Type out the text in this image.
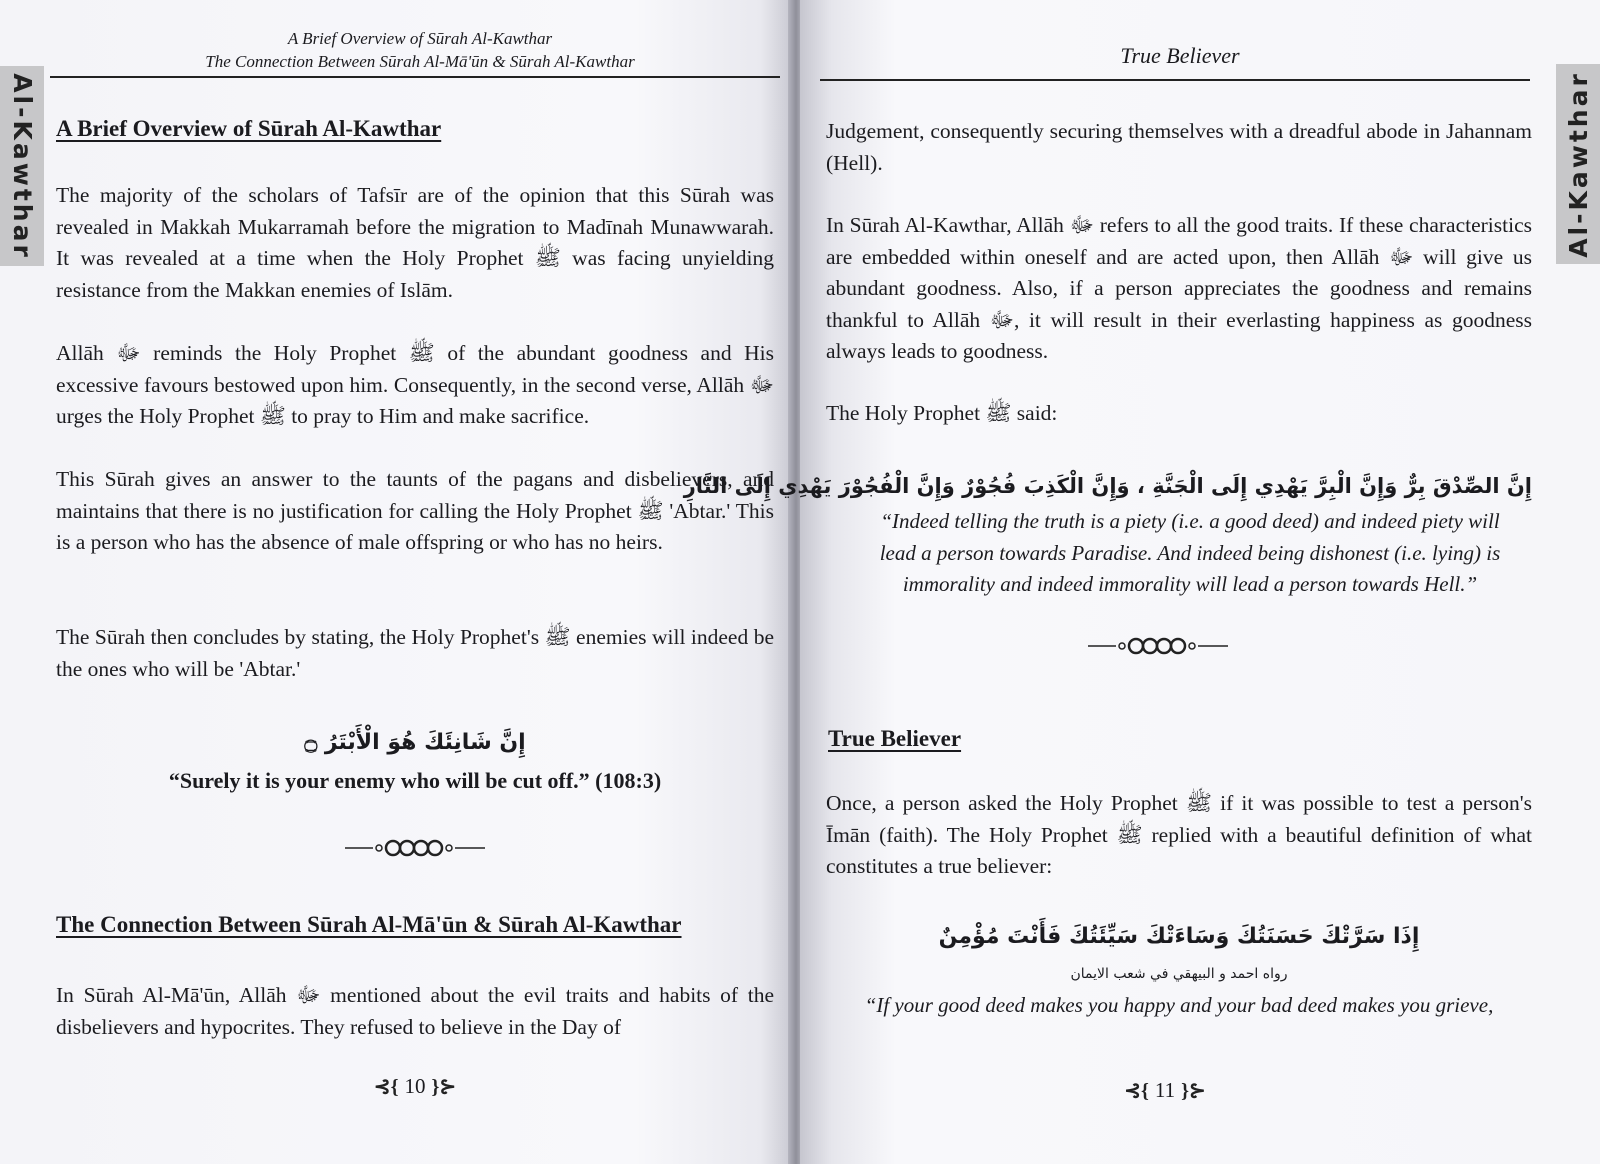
A Brief Overview of Sūrah Al-Kawthar
The Connection Between Sūrah Al-Mā'ūn & Sūrah Al-Kawthar
Al-Kawthar A Brief Overview of Sūrah Al-Kawthar

The majority of the scholars of Tafsīr are of the opinion that this Sūrah was revealed in Makkah Mukarramah before the migration to Madīnah Munawwarah. It was revealed at a time when the Holy Prophet ﷺ was facing unyielding resistance from the Makkan enemies of Islām.

Allāh ﷻ reminds the Holy Prophet ﷺ of the abundant goodness and His excessive favours bestowed upon him. Consequently, in the second verse, Allāh ﷻ urges the Holy Prophet ﷺ to pray to Him and make sacrifice.

This Sūrah gives an answer to the taunts of the pagans and disbelievers, and maintains that there is no justification for calling the Holy Prophet ﷺ 'Abtar.' This is a person who has the absence of male offspring or who has no heirs.

The Sūrah then concludes by stating, the Holy Prophet's ﷺ enemies will indeed be the ones who will be 'Abtar.'

إِنَّ شَانِئَكَ هُوَ الْأَبْتَرُ ۝
“Surely it is your enemy who will be cut off.” (108:3)
The Connection Between Sūrah Al-Mā'ūn & Sūrah Al-Kawthar

In Sūrah Al-Mā'ūn, Allāh ﷻ mentioned about the evil traits and habits of the disbelievers and hypocrites. They refused to believe in the Day of

⊰{ 10 }⊱
True Believer
Al-Kawthar

Judgement, consequently securing themselves with a dreadful abode in Jahannam (Hell).

In Sūrah Al-Kawthar, Allāh ﷻ refers to all the good traits. If these characteristics are embedded within oneself and are acted upon, then Allāh ﷻ will give us abundant goodness. Also, if a person appreciates the goodness and remains thankful to Allāh ﷻ, it will result in their everlasting happiness as goodness always leads to goodness.

The Holy Prophet ﷺ said:

إِنَّ الصِّدْقَ بِرٌّ وَإِنَّ الْبِرَّ يَهْدِي إِلَى الْجَنَّةِ ، وَإِنَّ الْكَذِبَ فُجُوْرٌ وَإِنَّ الْفُجُوْرَ يَهْدِي إِلَى النَّارِ

“Indeed telling the truth is a piety (i.e. a good deed) and indeed piety will lead a person towards Paradise. And indeed being dishonest (i.e. lying) is immorality and indeed immorality will lead a person towards Hell.”

True Believer

Once, a person asked the Holy Prophet ﷺ if it was possible to test a person's Īmān (faith). The Holy Prophet ﷺ replied with a beautiful definition of what constitutes a true believer:

إِذَا سَرَّتْكَ حَسَنَتُكَ وَسَاءَتْكَ سَيِّئَتُكَ فَأَنْتَ مُؤْمِنٌ
رواه احمد و البيهقي في شعب الايمان

“If your good deed makes you happy and your bad deed makes you grieve,

⊰{ 11 }⊱
